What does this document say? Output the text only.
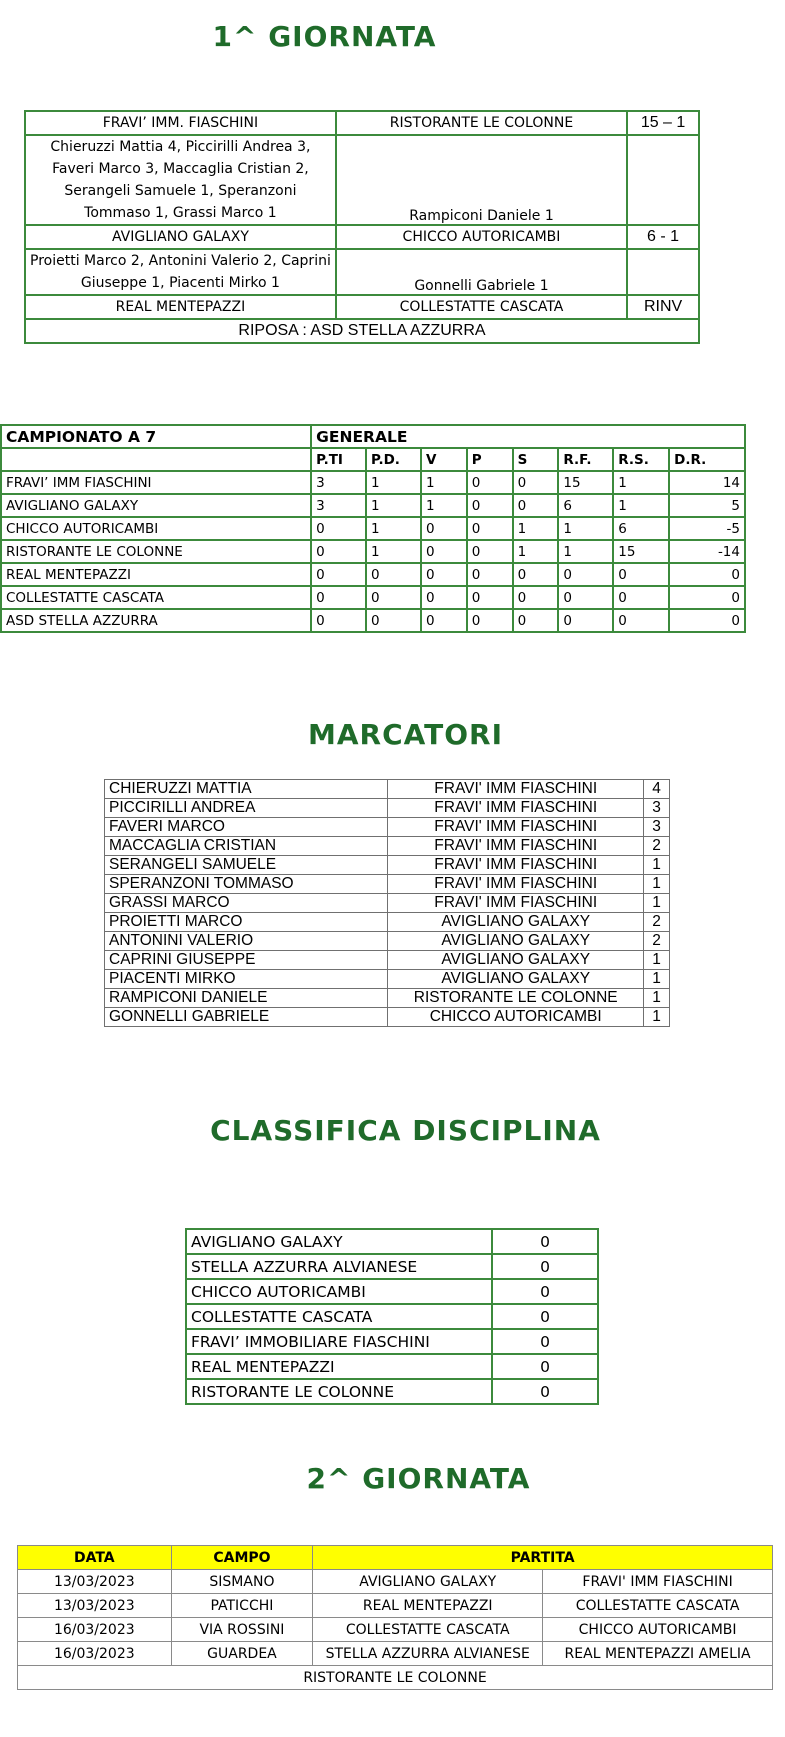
1^ GIORNATA
FRAVI’ IMM. FIASCHINI	RISTORANTE LE COLONNE	15 – 1
Chieruzzi Mattia 4, Piccirilli Andrea 3, Faveri Marco 3, Maccaglia Cristian 2, Serangeli Samuele 1, Speranzoni Tommaso 1, Grassi Marco 1	Rampiconi Daniele 1	
AVIGLIANO GALAXY	CHICCO AUTORICAMBI	6 - 1
Proietti Marco 2, Antonini Valerio 2, Caprini Giuseppe 1, Piacenti Mirko 1	Gonnelli Gabriele 1	
REAL MENTEPAZZI	COLLESTATTE CASCATA	RINV
RIPOSA : ASD STELLA AZZURRA		
CAMPIONATO A 7	GENERALE							
	P.TI	P.D.	V	P	S	R.F.	R.S.	D.R.
FRAVI’ IMM FIASCHINI	3	1	1	0	0	15	1	14
AVIGLIANO GALAXY	3	1	1	0	0	6	1	5
CHICCO AUTORICAMBI	0	1	0	0	1	1	6	-5
RISTORANTE LE COLONNE	0	1	0	0	1	1	15	-14
REAL MENTEPAZZI	0	0	0	0	0	0	0	0
COLLESTATTE CASCATA	0	0	0	0	0	0	0	0
ASD STELLA AZZURRA	0	0	0	0	0	0	0	0
MARCATORI
CHIERUZZI MATTIA	FRAVI' IMM FIASCHINI	4
PICCIRILLI ANDREA	FRAVI' IMM FIASCHINI	3
FAVERI MARCO	FRAVI' IMM FIASCHINI	3
MACCAGLIA CRISTIAN	FRAVI' IMM FIASCHINI	2
SERANGELI SAMUELE	FRAVI' IMM FIASCHINI	1
SPERANZONI TOMMASO	FRAVI' IMM FIASCHINI	1
GRASSI MARCO	FRAVI' IMM FIASCHINI	1
PROIETTI MARCO	AVIGLIANO GALAXY	2
ANTONINI VALERIO	AVIGLIANO GALAXY	2
CAPRINI GIUSEPPE	AVIGLIANO GALAXY	1
PIACENTI MIRKO	AVIGLIANO GALAXY	1
RAMPICONI DANIELE	RISTORANTE LE COLONNE	1
GONNELLI GABRIELE	CHICCO AUTORICAMBI	1
CLASSIFICA DISCIPLINA
AVIGLIANO GALAXY	0
STELLA AZZURRA ALVIANESE	0
CHICCO AUTORICAMBI	0
COLLESTATTE CASCATA	0
FRAVI’ IMMOBILIARE FIASCHINI	0
REAL MENTEPAZZI	0
RISTORANTE LE COLONNE	0
2^ GIORNATA
DATA	CAMPO	PARTITA	
13/03/2023	SISMANO	AVIGLIANO GALAXY	FRAVI' IMM FIASCHINI
13/03/2023	PATICCHI	REAL MENTEPAZZI	COLLESTATTE CASCATA
16/03/2023	VIA ROSSINI	COLLESTATTE CASCATA	CHICCO AUTORICAMBI
16/03/2023	GUARDEA	STELLA AZZURRA ALVIANESE	REAL MENTEPAZZI AMELIA
RISTORANTE LE COLONNE			
